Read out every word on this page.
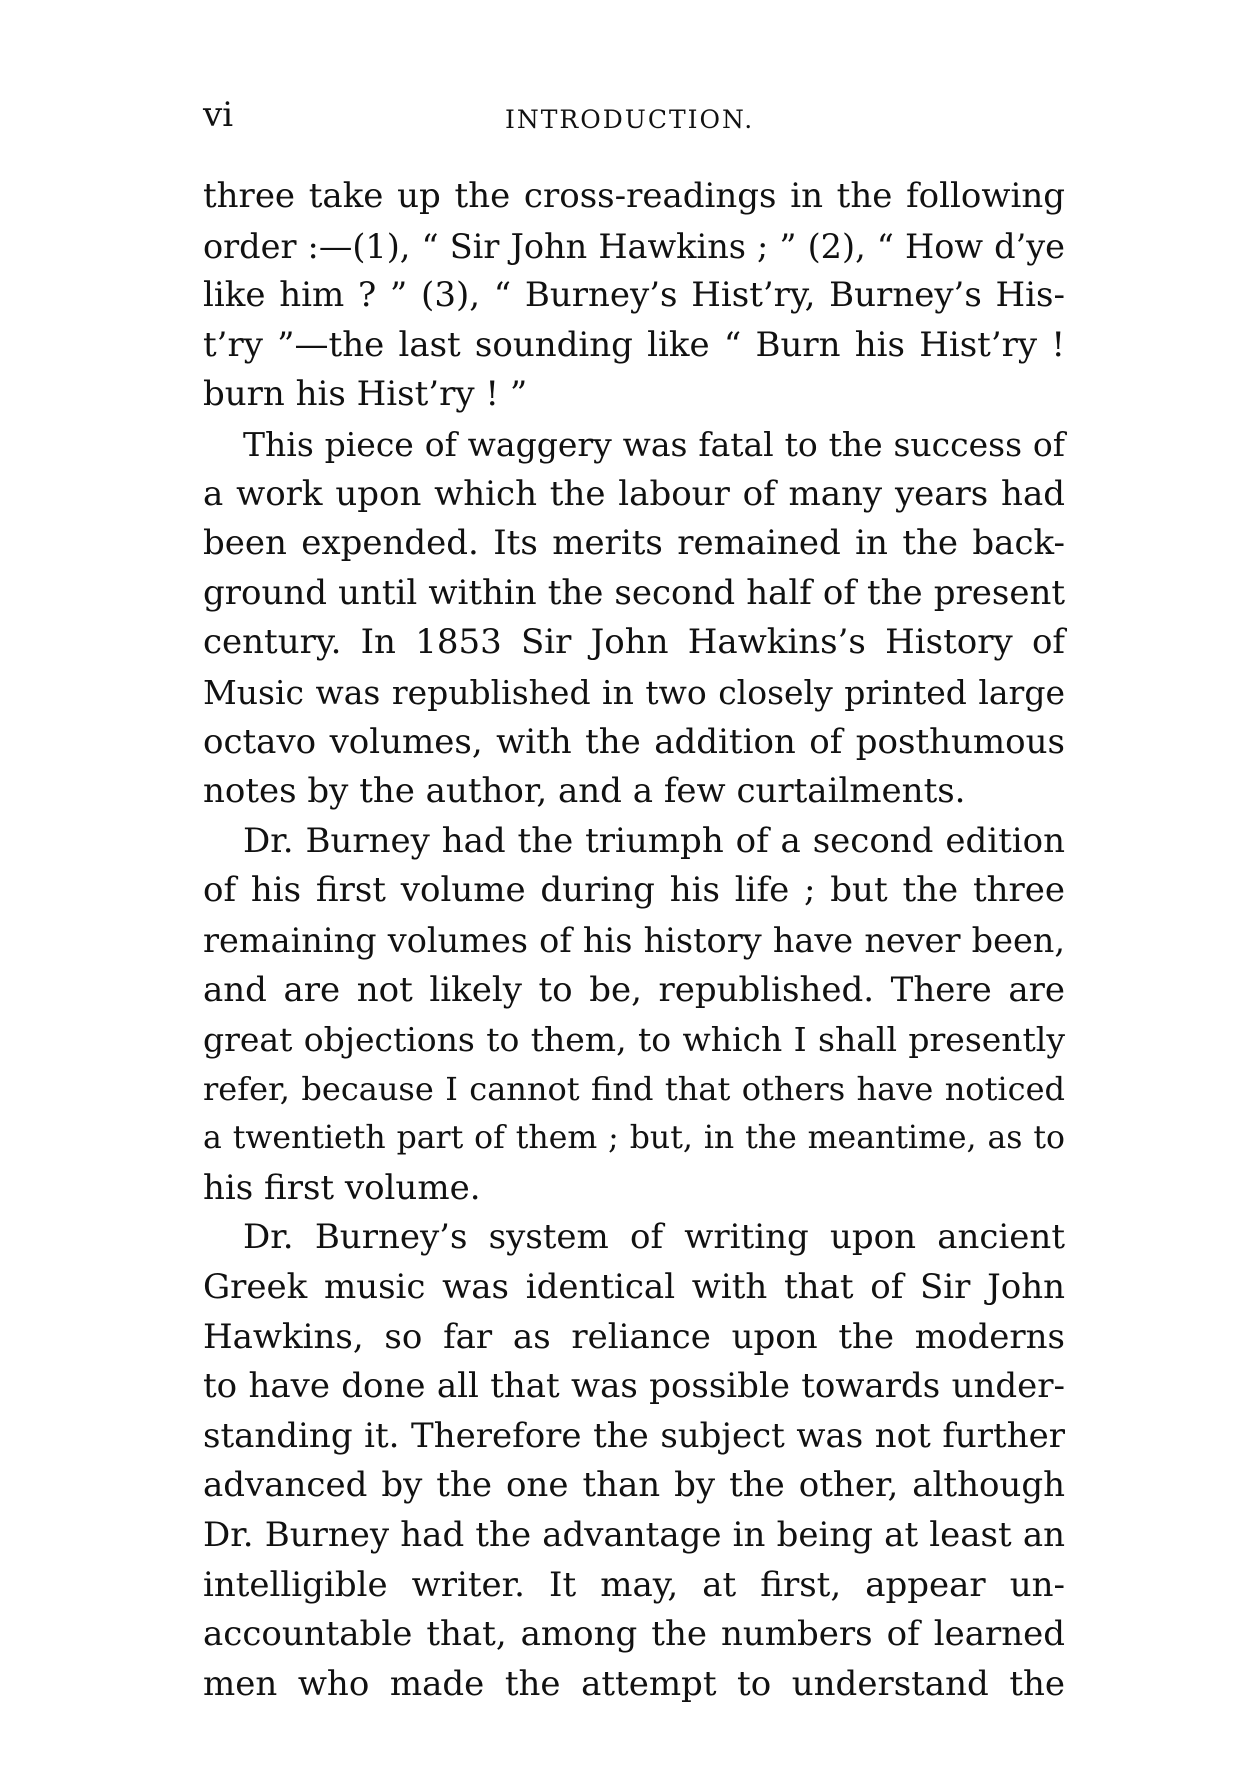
vi	INTRODUCTION.
three take up the cross-readings in the following
order :—(1), “ Sir John Hawkins ; ” (2), “ How d’ye
like him ? ” (3), “ Burney’s Hist’ry, Burney’s His-
t’ry ”—the last sounding like “ Burn his Hist’ry !
burn his Hist’ry ! ”
This piece of waggery was fatal to the success of
a work upon which the labour of many years had
been expended. Its merits remained in the back-
ground until within the second half of the present
century. In 1853 Sir John Hawkins’s History of
Music was republished in two closely printed large
octavo volumes, with the addition of posthumous
notes by the author, and a few curtailments.
Dr. Burney had the triumph of a second edition
of his first volume during his life ; but the three
remaining volumes of his history have never been,
and are not likely to be, republished. There are
great objections to them, to which I shall presently
refer, because I cannot find that others have noticed
a twentieth part of them ; but, in the meantime, as to
his first volume.
Dr. Burney’s system of writing upon ancient
Greek music was identical with that of Sir John
Hawkins, so far as reliance upon the moderns
to have done all that was possible towards under-
standing it. Therefore the subject was not further
advanced by the one than by the other, although
Dr. Burney had the advantage in being at least an
intelligible writer. It may, at first, appear un-
accountable that, among the numbers of learned
men who made the attempt to understand the
